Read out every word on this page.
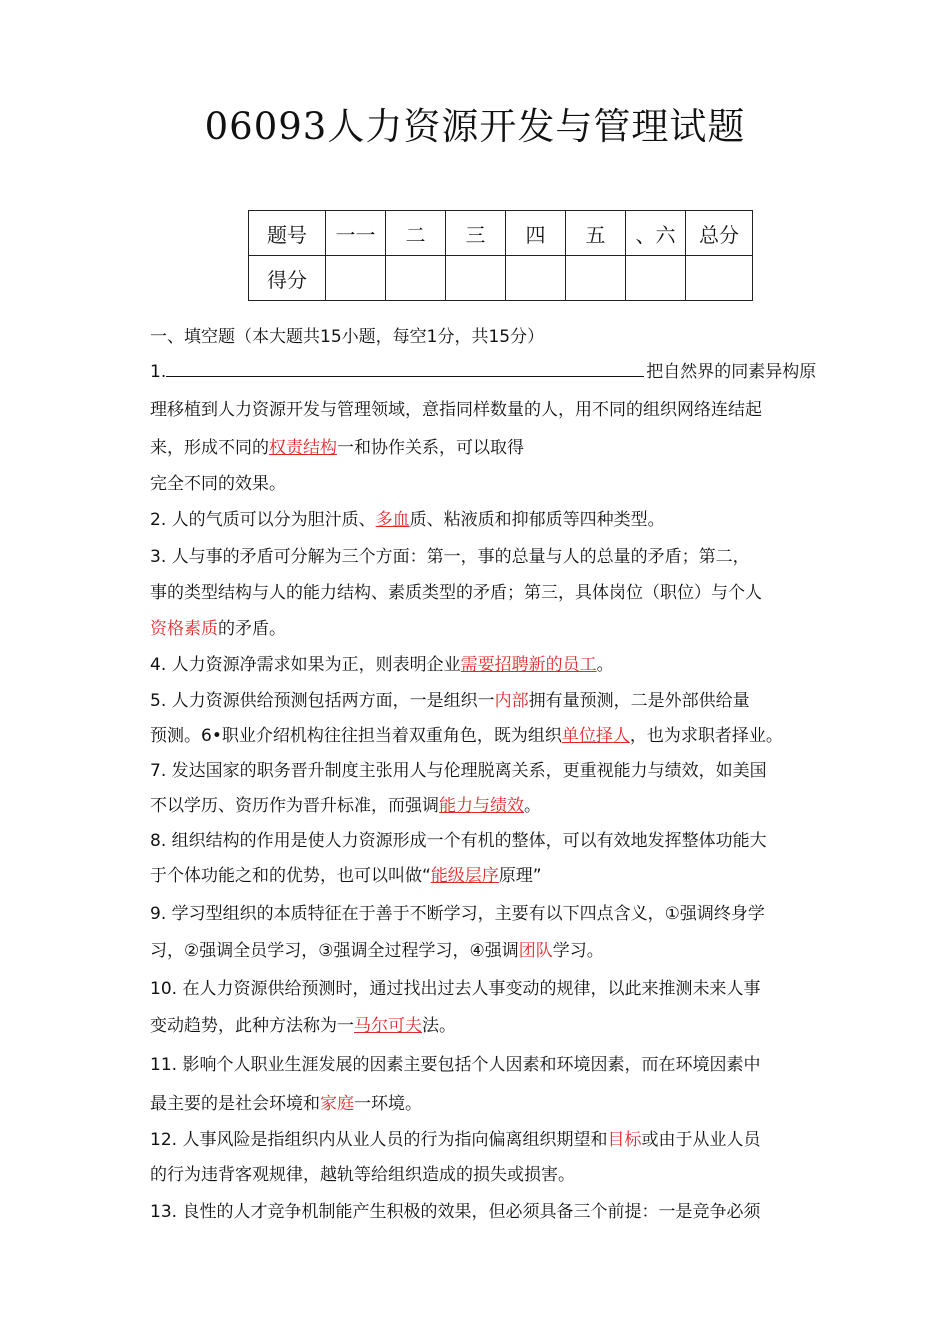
06093人力资源开发与管理试题
题号	一一	二	三	四	五	、六	总分
得分							
一、填空题（本大题共15小题，每空1分，共15分）
1.	把自然界的同素异构原
理移植到人力资源开发与管理领域，意指同样数量的人，用不同的组织网络连结起
来，形成不同的权责结构一和协作关系，可以取得
完全不同的效果。
2. 人的气质可以分为胆汁质、多血质、粘液质和抑郁质等四种类型。
3. 人与事的矛盾可分解为三个方面：第一，事的总量与人的总量的矛盾；第二，
事的类型结构与人的能力结构、素质类型的矛盾；第三，具体岗位（职位）与个人
资格素质的矛盾。
4. 人力资源净需求如果为正，则表明企业需要招聘新的员工。
5. 人力资源供给预测包括两方面，一是组织一内部拥有量预测，二是外部供给量
预测。6•职业介绍机构往往担当着双重角色，既为组织单位择人，也为求职者择业。
7. 发达国家的职务晋升制度主张用人与伦理脱离关系，更重视能力与绩效，如美国
不以学历、资历作为晋升标准，而强调能力与绩效。
8. 组织结构的作用是使人力资源形成一个有机的整体，可以有效地发挥整体功能大
于个体功能之和的优势，也可以叫做“能级层序原理”
9. 学习型组织的本质特征在于善于不断学习，主要有以下四点含义，①强调终身学
习，②强调全员学习，③强调全过程学习，④强调团队学习。
10. 在人力资源供给预测时，通过找出过去人事变动的规律，以此来推测未来人事
变动趋势，此种方法称为一马尔可夫法。
11. 影响个人职业生涯发展的因素主要包括个人因素和环境因素，而在环境因素中
最主要的是社会环境和家庭一环境。
12. 人事风险是指组织内从业人员的行为指向偏离组织期望和目标或由于从业人员
的行为违背客观规律，越轨等给组织造成的损失或损害。
13. 良性的人才竞争机制能产生积极的效果，但必须具备三个前提：一是竞争必须
